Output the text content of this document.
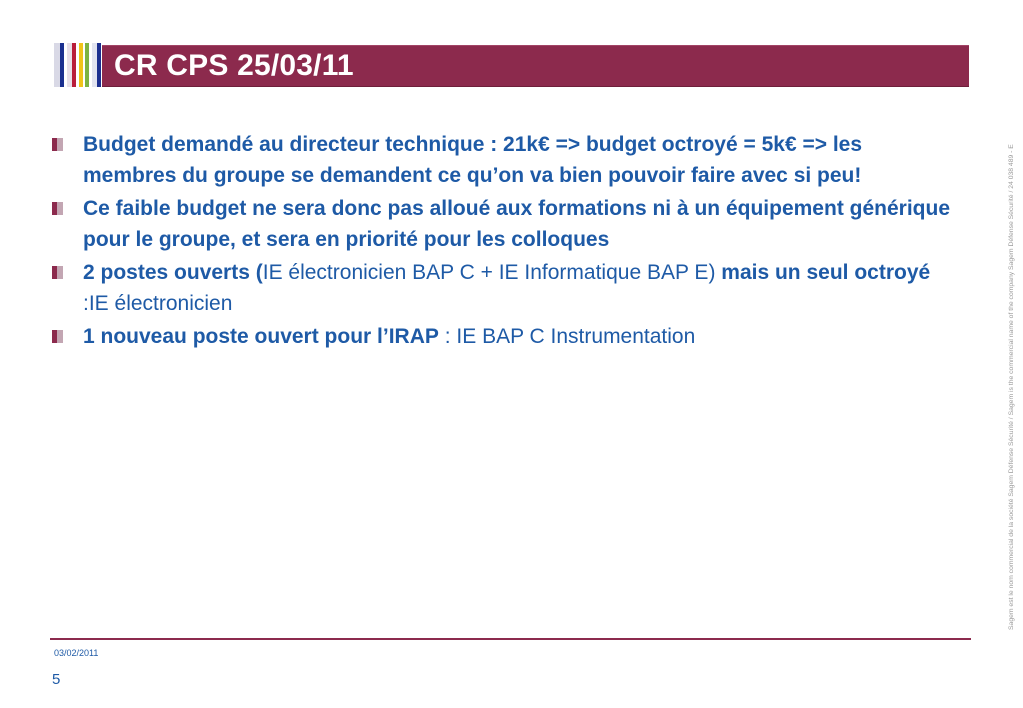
CR CPS 25/03/11
Budget demandé au directeur technique : 21k€ => budget octroyé = 5k€ => les membres du groupe se demandent ce qu’on va bien pouvoir faire avec si peu!
Ce faible budget ne sera donc pas alloué aux formations ni à un équipement générique pour le groupe, et sera en priorité pour les colloques
2 postes ouverts (IE électronicien BAP C + IE Informatique BAP E) mais un seul octroyé :IE électronicien
1 nouveau poste ouvert pour l’IRAP : IE BAP C Instrumentation
03/02/2011
5
Sagem est le nom commercial de la société Sagem Défense Sécurité / Sagem is the commercial name of the company Sagem Défense Sécurité / 24 038 489 - E
